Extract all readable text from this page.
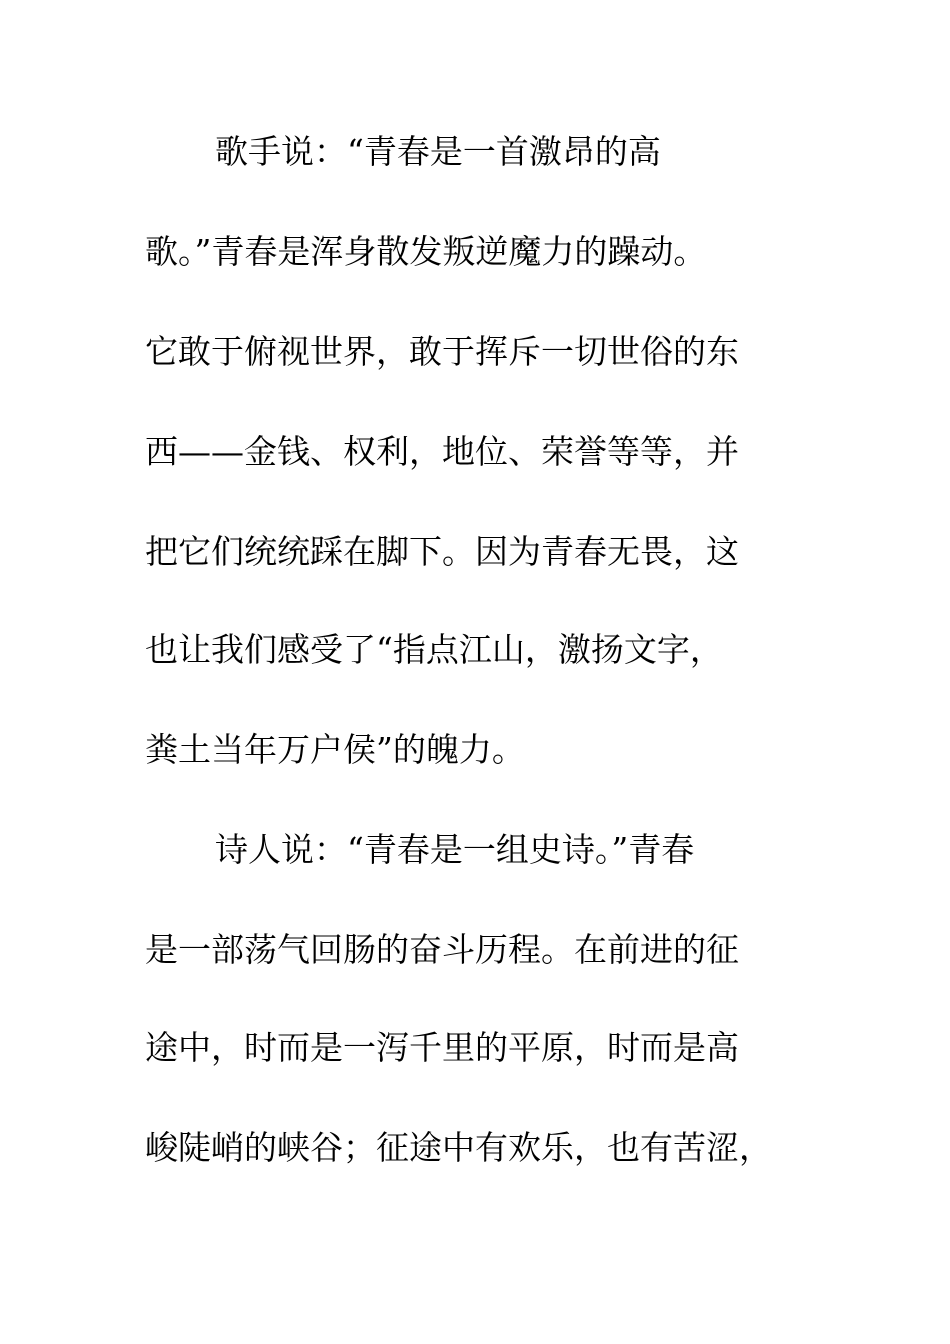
歌手说：“青春是一首激昂的高
歌。”青春是浑身散发叛逆魔力的躁动。
它敢于俯视世界，敢于挥斥一切世俗的东
西——金钱、权利，地位、荣誉等等，并
把它们统统踩在脚下。因为青春无畏，这
也让我们感受了“指点江山，激扬文字，
粪土当年万户侯”的魄力。
诗人说：“青春是一组史诗。”青春
是一部荡气回肠的奋斗历程。在前进的征
途中，时而是一泻千里的平原，时而是高
峻陡峭的峡谷；征途中有欢乐，也有苦涩，
